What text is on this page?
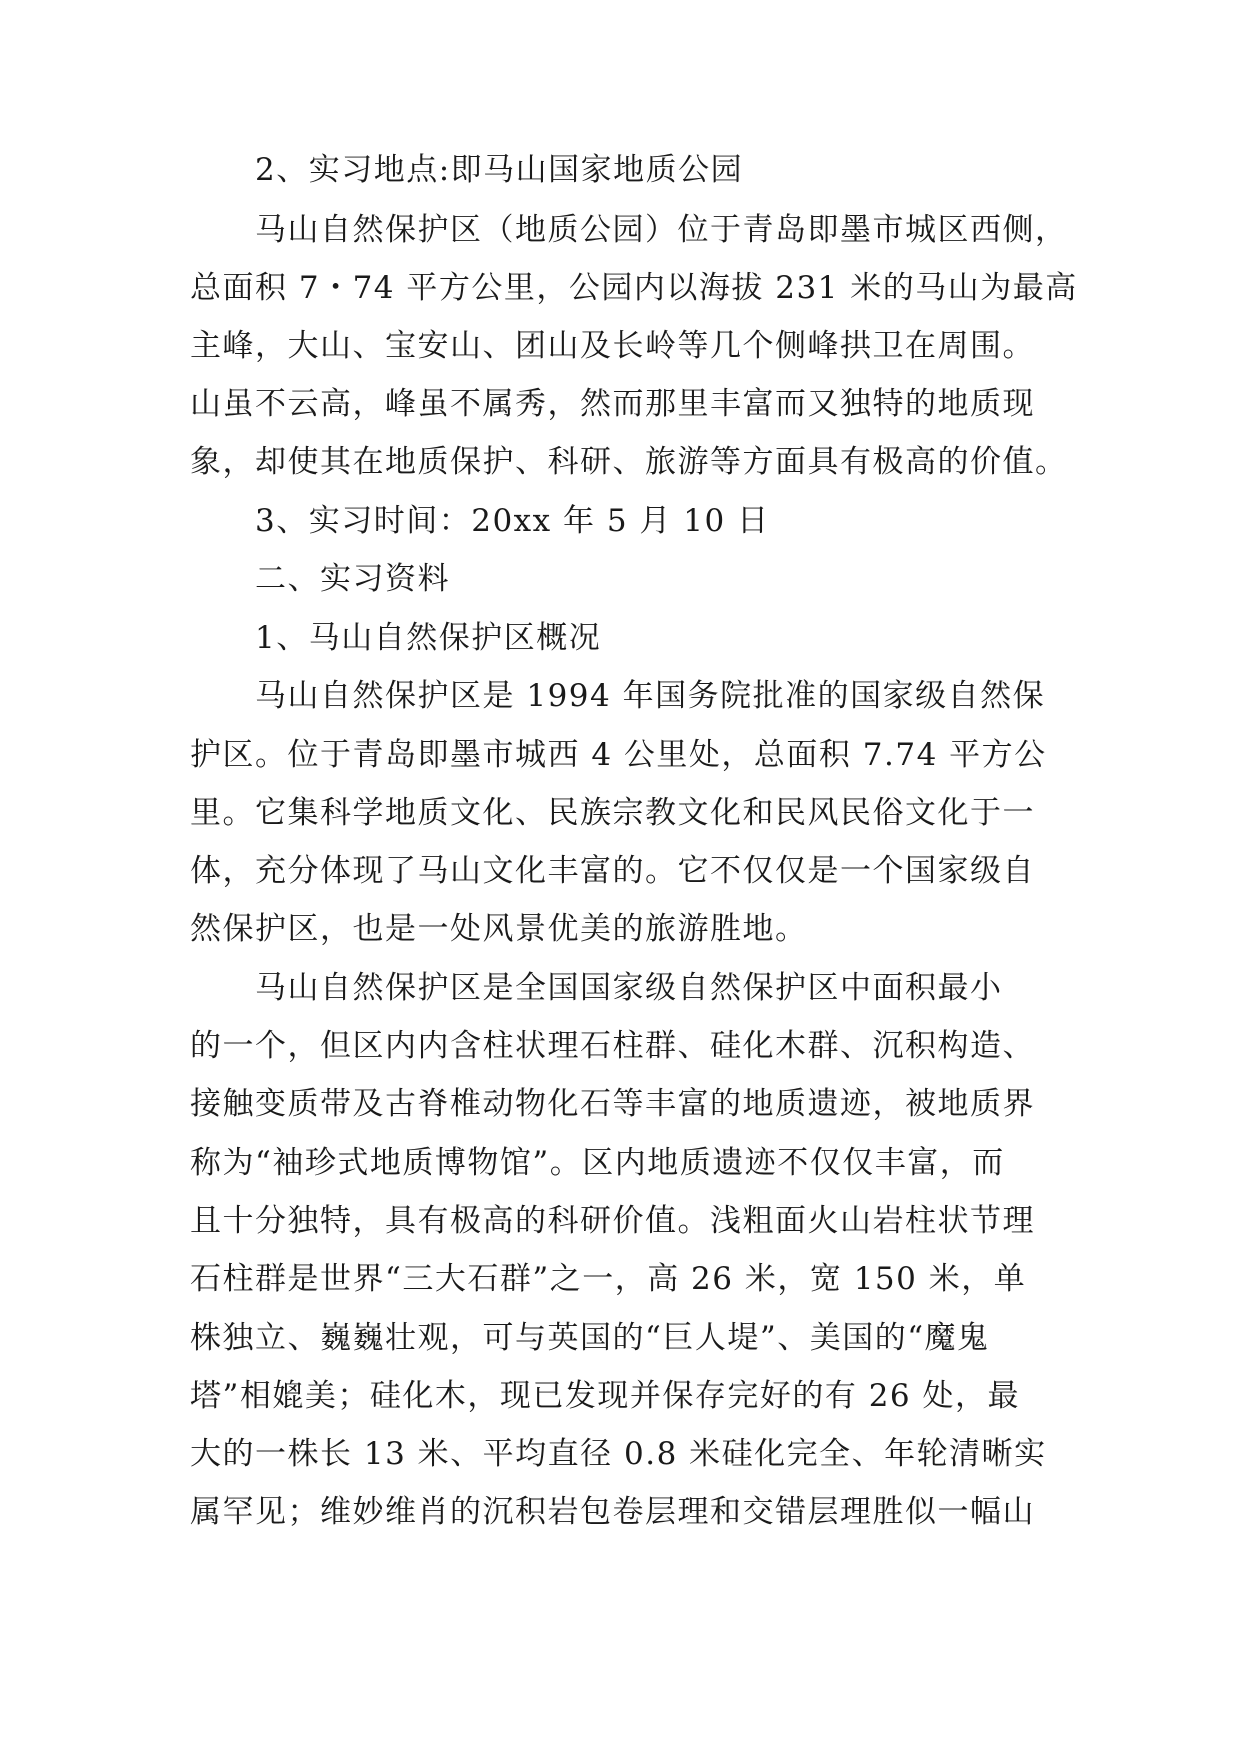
2、实习地点:即马山国家地质公园
马山自然保护区（地质公园）位于青岛即墨市城区西侧，
总面积 7・74 平方公里，公园内以海拔 231 米的马山为最高
主峰，大山、宝安山、团山及长岭等几个侧峰拱卫在周围。
山虽不云高，峰虽不属秀，然而那里丰富而又独特的地质现
象，却使其在地质保护、科研、旅游等方面具有极高的价值。
3、实习时间：20xx 年 5 月 10 日
二、实习资料
1、马山自然保护区概况
马山自然保护区是 1994 年国务院批准的国家级自然保
护区。位于青岛即墨市城西 4 公里处，总面积 7.74 平方公
里。它集科学地质文化、民族宗教文化和民风民俗文化于一
体，充分体现了马山文化丰富的。它不仅仅是一个国家级自
然保护区，也是一处风景优美的旅游胜地。
马山自然保护区是全国国家级自然保护区中面积最小
的一个，但区内内含柱状理石柱群、硅化木群、沉积构造、
接触变质带及古脊椎动物化石等丰富的地质遗迹，被地质界
称为“袖珍式地质博物馆”。区内地质遗迹不仅仅丰富，而
且十分独特，具有极高的科研价值。浅粗面火山岩柱状节理
石柱群是世界“三大石群”之一，高 26 米，宽 150 米，单
株独立、巍巍壮观，可与英国的“巨人堤”、美国的“魔鬼
塔”相媲美；硅化木，现已发现并保存完好的有 26 处，最
大的一株长 13 米、平均直径 0.8 米硅化完全、年轮清晰实
属罕见；维妙维肖的沉积岩包卷层理和交错层理胜似一幅山
